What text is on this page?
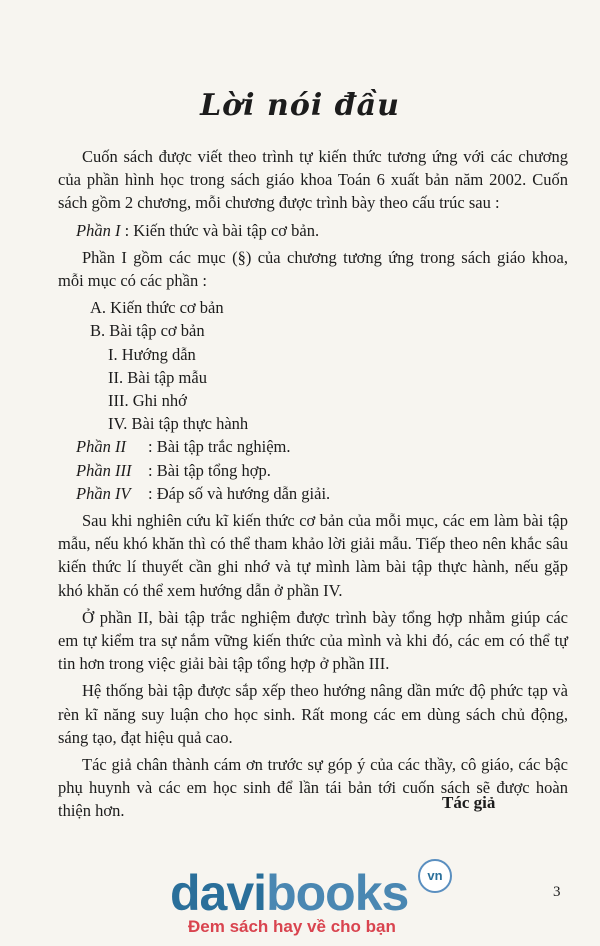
Lời nói đầu

Cuốn sách được viết theo trình tự kiến thức tương ứng với các chương của phần hình học trong sách giáo khoa Toán 6 xuất bản năm 2002. Cuốn sách gồm 2 chương, mỗi chương được trình bày theo cấu trúc sau :

Phần I : Kiến thức và bài tập cơ bản.

Phần I gồm các mục (§) của chương tương ứng trong sách giáo khoa, mỗi mục có các phần :

A. Kiến thức cơ bản
B. Bài tập cơ bản
I. Hướng dẫn
II. Bài tập mẫu
III. Ghi nhớ
IV. Bài tập thực hành
Phần II	: Bài tập trắc nghiệm.
Phần III	: Bài tập tổng hợp.
Phần IV	: Đáp số và hướng dẫn giải.

Sau khi nghiên cứu kĩ kiến thức cơ bản của mỗi mục, các em làm bài tập mẫu, nếu khó khăn thì có thể tham khảo lời giải mẫu. Tiếp theo nên khắc sâu kiến thức lí thuyết cần ghi nhớ và tự mình làm bài tập thực hành, nếu gặp khó khăn có thể xem hướng dẫn ở phần IV.

Ở phần II, bài tập trắc nghiệm được trình bày tổng hợp nhằm giúp các em tự kiểm tra sự nắm vững kiến thức của mình và khi đó, các em có thể tự tin hơn trong việc giải bài tập tổng hợp ở phần III.

Hệ thống bài tập được sắp xếp theo hướng nâng dần mức độ phức tạp và rèn kĩ năng suy luận cho học sinh. Rất mong các em dùng sách chủ động, sáng tạo, đạt hiệu quả cao.

Tác giả chân thành cám ơn trước sự góp ý của các thầy, cô giáo, các bậc phụ huynh và các em học sinh để lần tái bản tới cuốn sách sẽ được hoàn thiện hơn.	Tác giả
davibooks	vn
Đem sách hay về cho bạn
3
